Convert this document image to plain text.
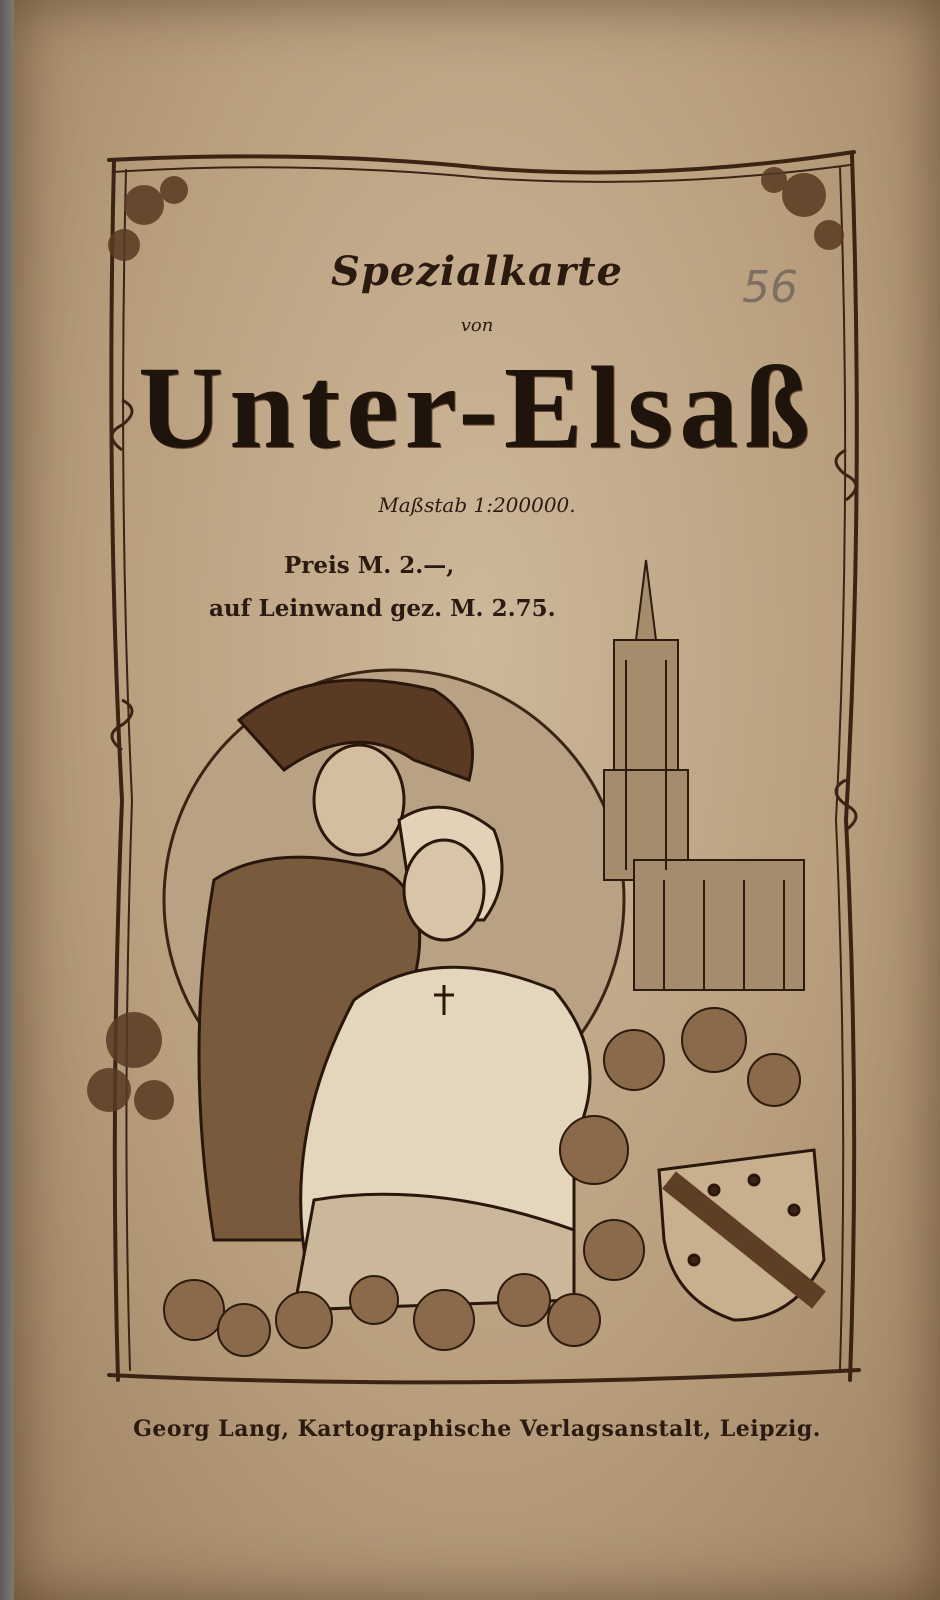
Spezialkarte

von

Unter-Elsaß

Maßstab 1:200000.

Preis M. 2.—,

auf Leinwand gez. M. 2.75.

Georg Lang, Kartographische Verlagsanstalt, Leipzig.

56
